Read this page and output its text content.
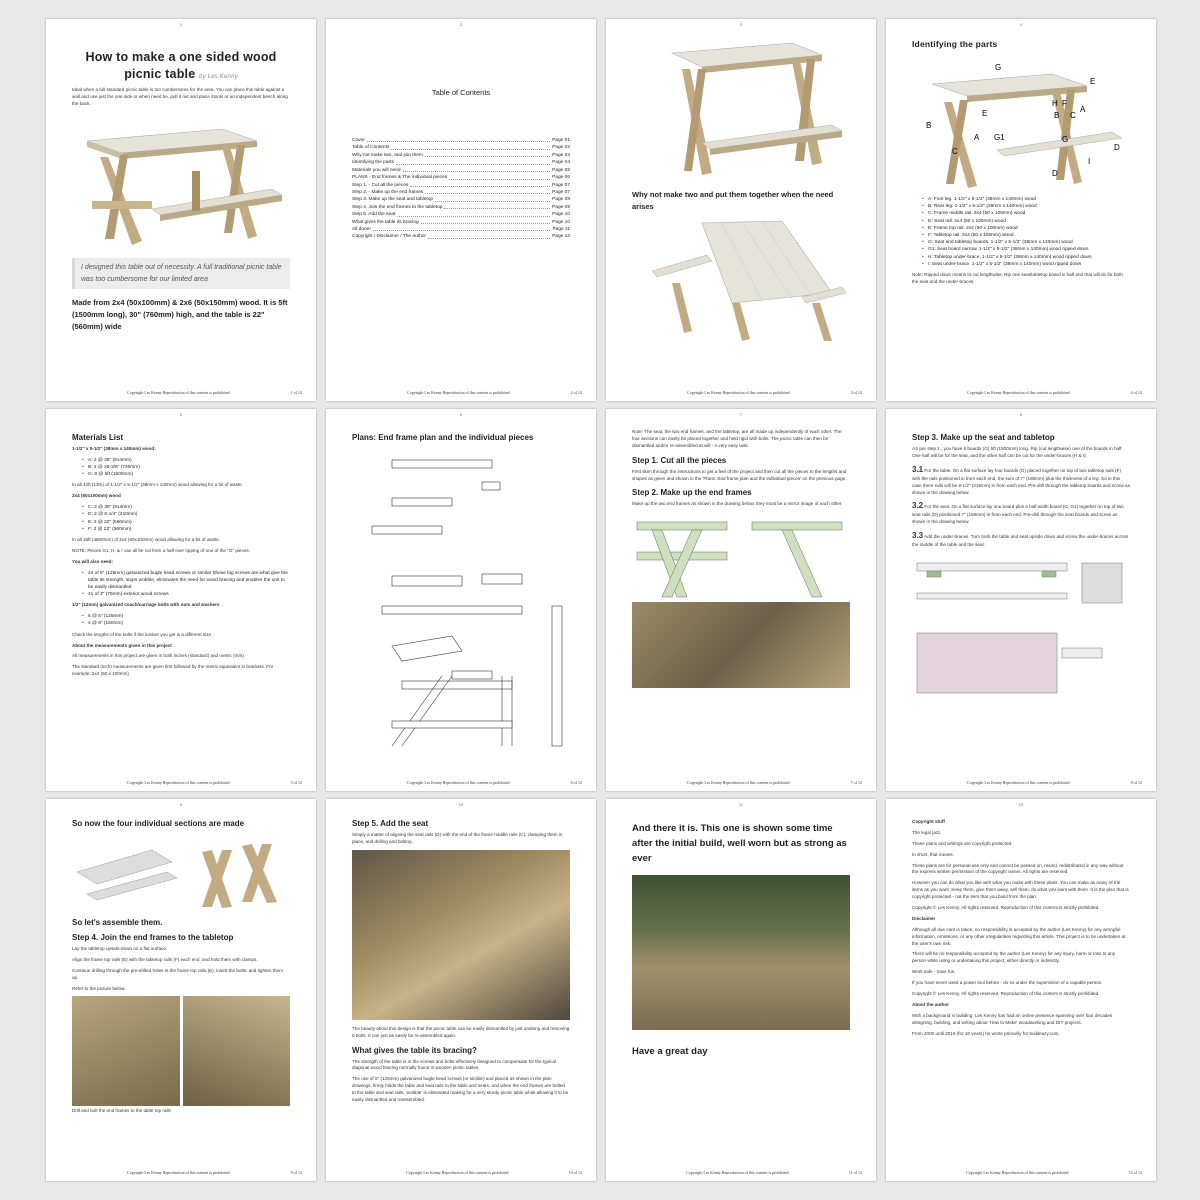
1
How to make a one sided wood picnic table by Les Kenny

Ideal when a full standard picnic table is too cumbersome for the area. You can place this table against a wall and use just the one side or when need be, pull it out and place stools or an independent bench along the back.

I designed this table out of necessity. A full traditional picnic table was too cumbersome for our limited area
Made from 2x4 (50x100mm) & 2x6 (50x150mm) wood. It is 5ft (1500mm long), 30" (760mm) high, and the table is 22" (560mm) wide
Copyright Les Kenny Reproduction of this content is prohibited	1 of 12
2
Table of Contents
Cover	Page 01
Table of Contents	Page 02
Why not make two, and join them	Page 03
Identifying the parts	Page 04
Materials you will need	Page 05
PLANS - End frames & The individual pieces	Page 06
Step 1. - Cut all the pieces	Page 07
Step 2. - Make up the end frames	Page 07
Step 3. Make up the seat and tabletop	Page 08
Step 4. Join the end frames to the tabletop	Page 09
Step 5. Add the seat	Page 10
What gives the table its bracing	Page 10
All done!	Page 11
Copyright / Disclaimer / The author	Page 12
Copyright Les Kenny Reproduction of this content is prohibited	2 of 12
3
Why not make two and put them together when the need arises
Copyright Les Kenny Reproduction of this content is prohibited	3 of 12
4
Identifying the parts
G
E
H F
E	B C
A
B
A G1	G
D
C
D
I
• A: Font leg. 1-1/2" x 5-1/2" (38mm x 140mm) wood
• B: Rear leg. 1-1/2" x 5-1/2" (38mm x 140mm) wood
• C: Frame middle rail. 2x4 (50 x 100mm) wood
• D: Seat rail. 2x4 (50 x 100mm) wood
• E: Frame top rail. 2x4 (50 x 100mm) wood
• F: Tabletop rail. 2x4 (50 x 100mm) wood
• G: Seat and tabletop boards. 1-1/2" x 5-1/2" (38mm x 140mm) wood
• G1: Seat board narrow. 1-1/2" x 5-1/2" (38mm x 140mm) wood ripped down
• H: Tabletop under-brace. 1-1/2" x 5-1/2" (38mm x 140mm) wood ripped down
• I: Seat under-brace. 1-1/2" x 5-1/2" (38mm x 140mm) wood ripped down

Note: Ripped down means to cut lengthwise. Rip one seat/tabletop board in half and that will do for both the seat and the under-braces.

Copyright Les Kenny Reproduction of this content is prohibited	4 of 12
5
Materials List

1-1/2" x 5-1/2" (38mm x 140mm) wood:

• A: 2 @ 36" (914mm)
• B: 2 @ 28-3/8" (720mm)
• G: 6 @ 5ft (1500mm)

In all 42ft (13m) of 1-1/2" x 5-1/2" (38mm x 140mm) wood allowing for a bit of waste.

2x4 (50x100mm) wood

• C: 2 @ 36" (914mm)
• D: 2 @ 8-1/4" (210mm)
• E: 2 @ 22" (560mm)
• F: 2 @ 22" (560mm)

In all 16ft (4800mm) of 2x4 (50x100mm) wood allowing for a bit of waste.

NOTE: Pieces G1, H, & I can all be cut from a half over ripping of one of the "G" pieces.

You will also need:

• 24 of 5" (125mm) galvanized bugle head screws or similar (these big screws are what give the table its strength, stops wobble, eliminates the need for wood bracing and enables the unit to be easily dismantled
• 41 of 3" (75mm) exterior wood screws

1/2" (12mm) galvanized coach/carriage bolts with nuts and washers

• 6 @ 5" (125mm)
• 4 @ 6" (150mm)

Check the lengths of the bolts if the lumber you get is a different size

About the measurements given in this project

All measurements in this project are given in both inches (standard) and metric (mm).

The standard (inch) measurements are given first followed by the metric equivalent in brackets. For example: 2x4 (50 x 100mm)

Copyright Les Kenny Reproduction of this content is prohibited	5 of 12
6
Plans: End frame plan and the individual pieces
Copyright Les Kenny Reproduction of this content is prohibited	6 of 12
7

Note: The seat, the two end frames, and the tabletop, are all made up independently of each other. The four sections can easily be placed together and held rigid with bolts. The picnic table can then be dismantled and/or re-assembled at will - A very easy task.

Step 1. Cut all the pieces

First skim through the instructions to get a feel of the project and then cut all the pieces to the lengths and shapes as given and shown in the 'Plans: End frame plan and the individual pieces' on the previous page.

Step 2. Make up the end frames

Make up the two end frames as shown in the drawing below, they must be a mirror image of each other.

Copyright Les Kenny Reproduction of this content is prohibited	7 of 12
8
Step 3. Make up the seat and tabletop

AS per step 1., you have 6 boards (G) 5ft (1500mm) long. Rip (cut lengthwise) one of the boards in half. One half will be for the seat, and the other half can be cut for the under-braces (H & I).

3.1 For the table. On a flat surface lay four boards (G) placed together on top of two tabletop rails (F) with the rails positioned in from each end, the sum of 7" (180mm) plus the thickness of a leg. So in this case there rails will be 8-1/2" (215mm) in from each end. Pre-drill through the tabletop boards and screw as shown in the drawing below.

3.2 For the seat. On a flat surface lay one board plus a half width board (G, G1) together on top of two seat rails (D) positioned 7" (180mm) in from each end. Pre-drill through the seat boards and screw as shown in the drawing below.

3.3 Add the under-braces. Turn both the table and seat upside down and screw the under-braces across the middle of the table and the seat.

Copyright Les Kenny Reproduction of this content is prohibited	8 of 12
9
So now the four individual sections are made
So let's assemble them.
Step 4. Join the end frames to the tabletop

Lay the tabletop upside-down on a flat surface.

Align the frame top rails (E) with the tabletop rails (F) each end, and hold them with clamps.

Continue drilling through the pre-drilled holes in the frame top rails (E), insert the bolts, and tighten them up.

Refer to the picture below.

Drill and bolt the end frames to the table top rails
Copyright Les Kenny Reproduction of this content is prohibited	9 of 12
10
Step 5. Add the seat

Simply a matter of aligning the seat rails (D) with the end of the frame middle rails (C), clamping them in place, and drilling and bolting.

The beauty about this design is that the picnic table can be easily dismantled by just undoing and removing 6 bolts. It can just as easily be re-assembled again.

What gives the table its bracing?

The strength of the table is in the screws and bolts effectively designed to compensate for the typical diagonal wood bracing normally found in wooden picnic tables.

The use of 5" (125mm) galvanized bugle head screws (or similar) and placed as shown in the plan drawings, firmly holds the table and seat rails to the table and seats, and when the end frames are bolted to the table and seat rails, 'wobble' is eliminated making for a very sturdy picnic table while allowing it to be easily dismantled and reassembled.

Copyright Les Kenny Reproduction of this content is prohibited	10 of 12
11
And there it is. This one is shown some time after the initial build, well worn but as strong as ever
Have a great day
Copyright Les Kenny Reproduction of this content is prohibited	11 of 12
12

Copyright stuff

The legal jazz.

These plans and writings are copyright protected.

In short, that means:

These plans are for personal use only and cannot be passed on, resold, redistributed in any way without the express written permission of the copyright owner. All rights are reserved.

However you can do what you like with what you make with these plans. You can make as many of the items as you want. Keep them, give them away, sell them, do what you want with them. It is the plan that is copyright protected - not the item that you build from the plan.

Copyright © Les Kenny. All rights reserved. Reproduction of this content is strictly prohibited.

Disclaimer

Although all due care is taken, no responsibility is accepted by the author (Les Kenny) for any wrongful information, omissions, or any other irregularities regarding this article. This project is to be undertaken at the user's own risk.

There will be no responsibility accepted by the author (Les Kenny) for any injury, harm or loss to any person while using or undertaking this project, either directly or indirectly.

Work safe - have fun.

If you have never used a power tool before - do so under the supervision of a capable person.

Copyright © Les Kenny. All rights reserved. Reproduction of this content is strictly prohibited.

About the author

With a background in building, Les Kenny has had an online presence spanning over four decades designing, building, and writing about 'How to Make' woodworking and DIY projects.

From 2000 until 2016 (for 16 years) he wrote primarily for buildeazy.com.

Copyright Les Kenny Reproduction of this content is prohibited	12 of 12
